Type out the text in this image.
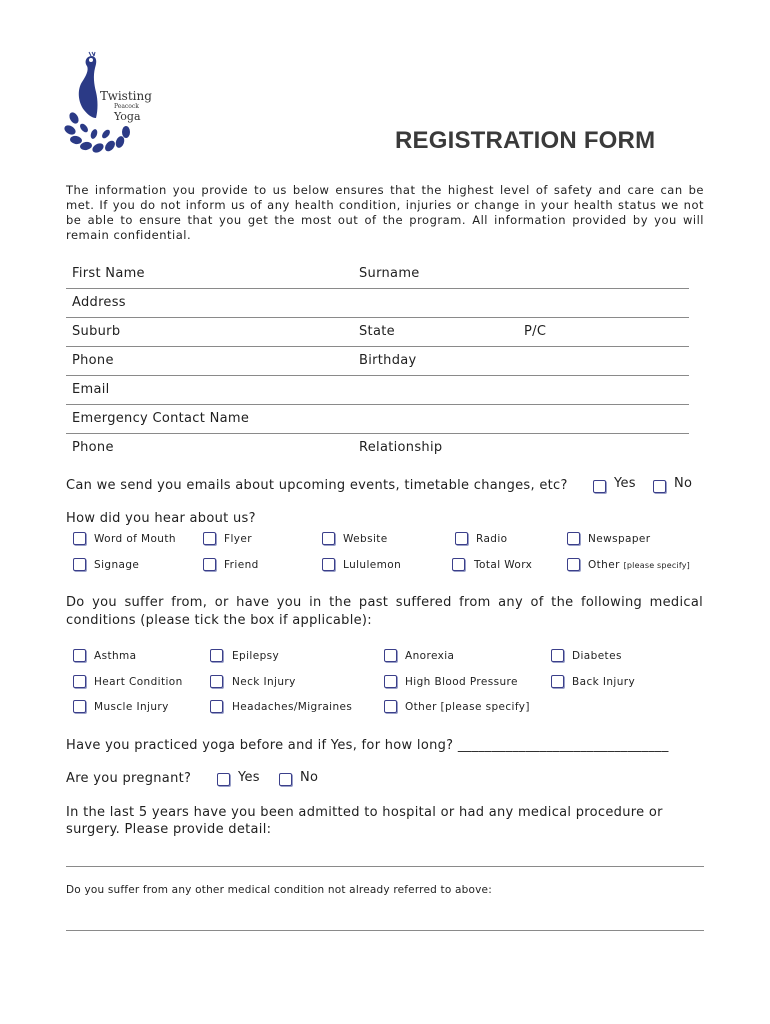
Twisting
Peacock
Yoga
REGISTRATION FORM
The information you provide to us below ensures that the highest level of safety and care can be met. If you do not inform us of any health condition, injuries or change in your health status we not be able to ensure that you get the most out of the program. All information provided by you will remain confidential.
First Name	Surname
Address
Suburb	State	P/C
Phone	Birthday
Email
Emergency Contact Name
Phone	Relationship
Can we send you emails about upcoming events, timetable changes, etc?	Yes	No
How did you hear about us?
Word of Mouth	Flyer	Website	Radio	Newspaper
Signage	Friend	Lululemon	Total Worx	Other [please specify]
Do you suffer from, or have you in the past suffered from any of the following medical conditions (please tick the box if applicable):
Asthma	Epilepsy	Anorexia	Diabetes
Heart Condition	Neck Injury	High Blood Pressure	Back Injury
Muscle Injury	Headaches/Migraines	Other [please specify]
Have you practiced yoga before and if Yes, for how long? _______________________________
Are you pregnant?	Yes	No
In the last 5 years have you been admitted to hospital or had any medical procedure or surgery. Please provide detail:
Do you suffer from any other medical condition not already referred to above:
